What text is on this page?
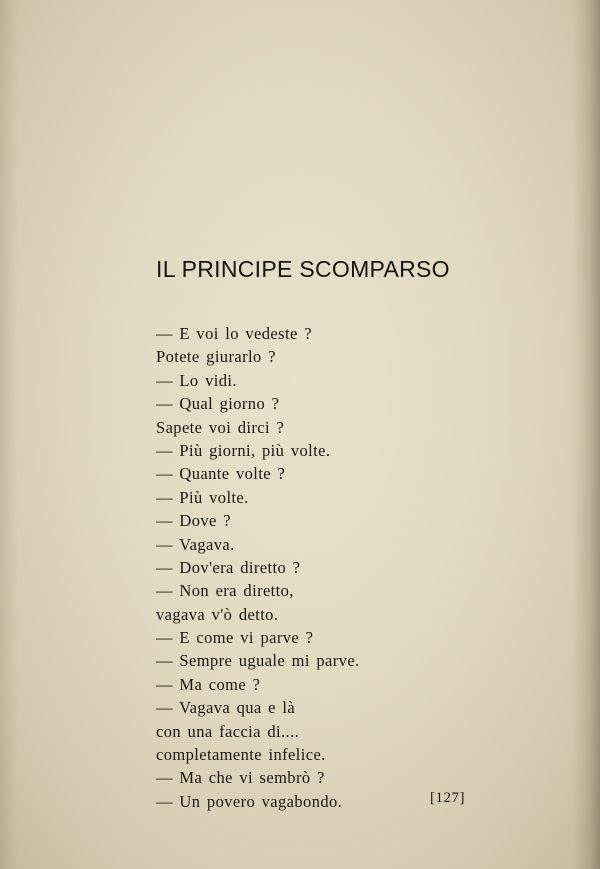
IL PRINCIPE SCOMPARSO
— E voi lo vedeste ?
Potete giurarlo ?
— Lo vidi.
— Qual giorno ?
Sapete voi dirci ?
— Più giorni, più volte.
— Quante volte ?
— Più volte.
— Dove ?
— Vagava.
— Dov'era diretto ?
— Non era diretto,
vagava v'ò detto.
— E come vi parve ?
— Sempre uguale mi parve.
— Ma come ?
— Vagava qua e là
con una faccia di....
completamente infelice.
— Ma che vi sembrò ?
— Un povero vagabondo.	[127]
